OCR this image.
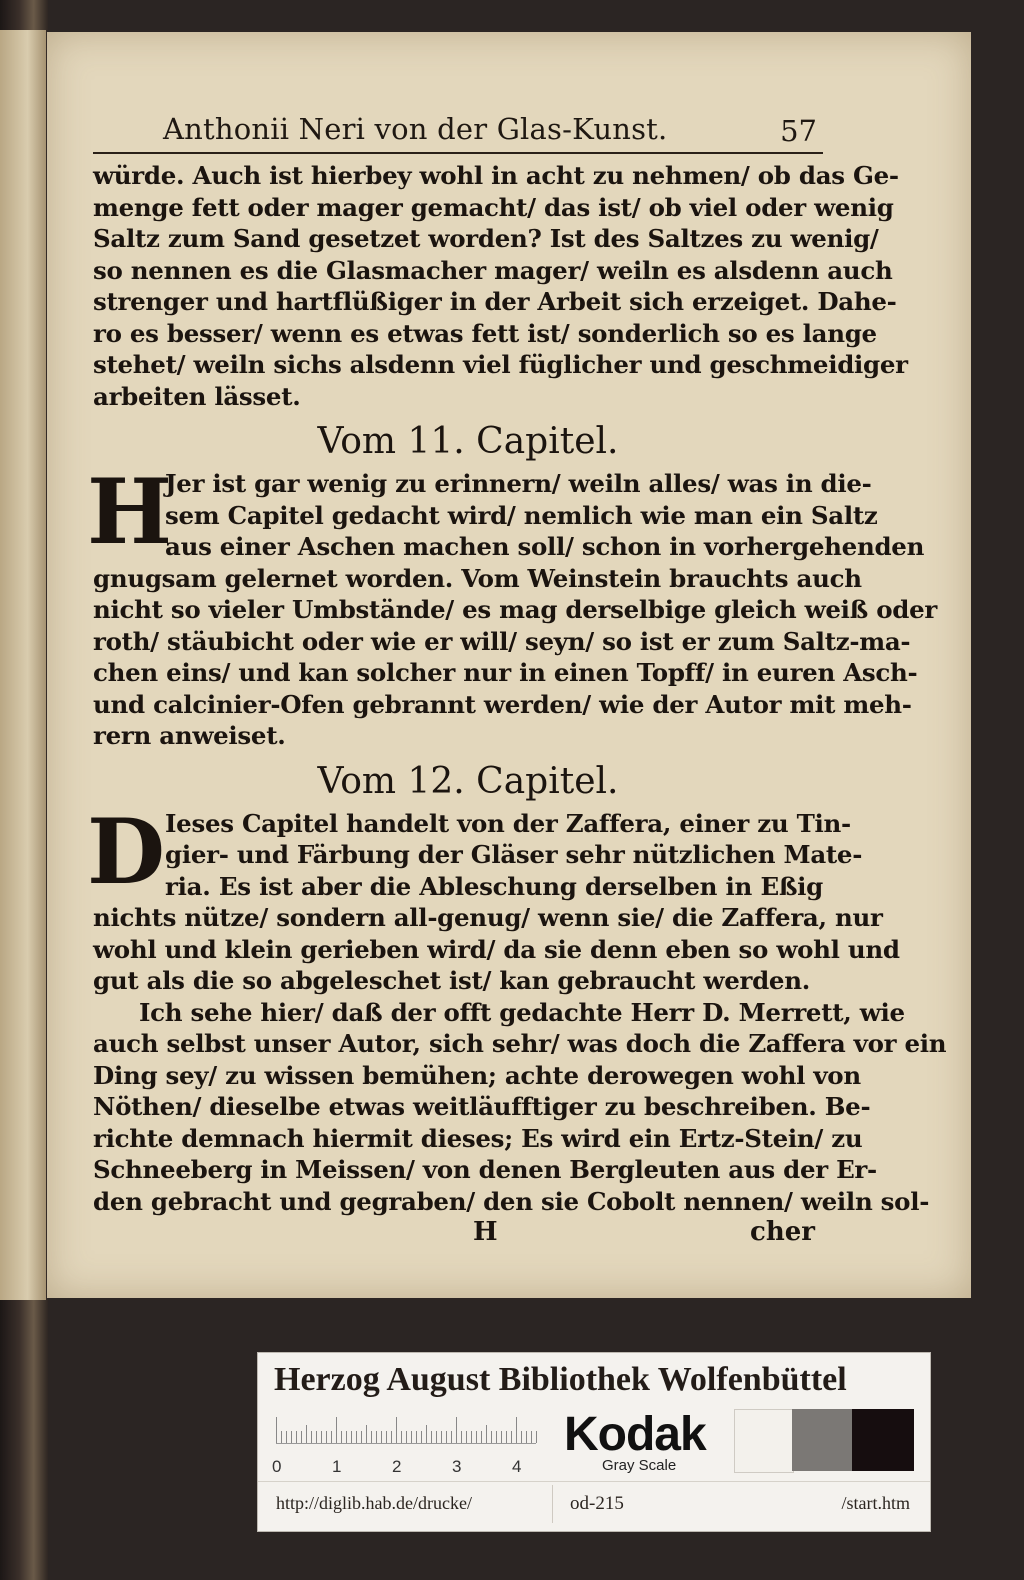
Anthonii Neri von der Glas-Kunst.	57
würde. Auch ist hierbey wohl in acht zu nehmen/ ob das Ge-
menge fett oder mager gemacht/ das ist/ ob viel oder wenig
Saltz zum Sand gesetzet worden? Ist des Saltzes zu wenig/
so nennen es die Glasmacher mager/ weiln es alsdenn auch
strenger und hartflüßiger in der Arbeit sich erzeiget. Dahe-
ro es besser/ wenn es etwas fett ist/ sonderlich so es lange
stehet/ weiln sichs alsdenn viel füglicher und geschmeidiger
arbeiten lässet.
Vom 11. Capitel.
H
Jer ist gar wenig zu erinnern/ weiln alles/ was in die-
sem Capitel gedacht wird/ nemlich wie man ein Saltz
aus einer Aschen machen soll/ schon in vorhergehenden
gnugsam gelernet worden. Vom Weinstein brauchts auch
nicht so vieler Umbstände/ es mag derselbige gleich weiß oder
roth/ stäubicht oder wie er will/ seyn/ so ist er zum Saltz-ma-
chen eins/ und kan solcher nur in einen Topff/ in euren Asch-
und calcinier-Ofen gebrannt werden/ wie der Autor mit meh-
rern anweiset.
Vom 12. Capitel.
D Ieses Capitel handelt von der Zaffera, einer zu Tin-
gier- und Färbung der Gläser sehr nützlichen Mate-
ria. Es ist aber die Ableschung derselben in Eßig
nichts nütze/ sondern all-genug/ wenn sie/ die Zaffera, nur
wohl und klein gerieben wird/ da sie denn eben so wohl und
gut als die so abgeleschet ist/ kan gebraucht werden.
Ich sehe hier/ daß der offt gedachte Herr D. Merrett, wie
auch selbst unser Autor, sich sehr/ was doch die Zaffera vor ein
Ding sey/ zu wissen bemühen; achte derowegen wohl von
Nöthen/ dieselbe etwas weitläufftiger zu beschreiben. Be-
richte demnach hiermit dieses; Es wird ein Ertz-Stein/ zu
Schneeberg in Meissen/ von denen Bergleuten aus der Er-
den gebracht und gegraben/ den sie Cobolt nennen/ weiln sol-
H	cher
Herzog August Bibliothek Wolfenbüttel
0	1	2	3	4
Kodak
Gray Scale
http://diglib.hab.de/drucke/	od-215	/start.htm
